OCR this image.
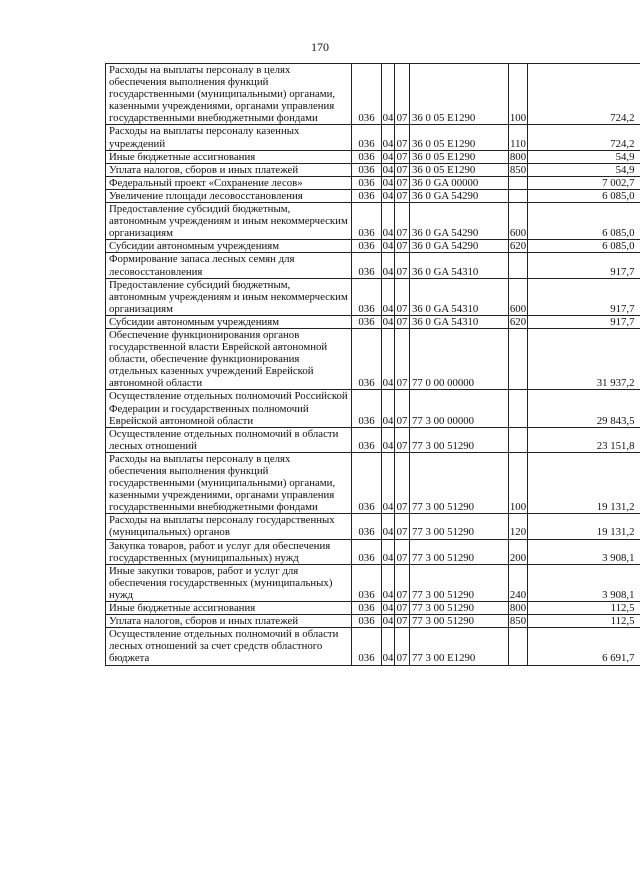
170
Расходы на выплаты персоналу в целях обеспечения выполнения функций государственными (муниципальными) органами, казенными учреждениями, органами управления государственными внебюджетными фондами	036	04	07	36 0 05 E1290	100	724,2
Расходы на выплаты персоналу казенных учреждений	036	04	07	36 0 05 E1290	110	724,2
Иные бюджетные ассигнования	036	04	07	36 0 05 E1290	800	54,9
Уплата налогов, сборов и иных платежей	036	04	07	36 0 05 E1290	850	54,9
Федеральный проект «Сохранение лесов»	036	04	07	36 0 GA 00000		7 002,7
Увеличение площади лесовосстановления	036	04	07	36 0 GA 54290		6 085,0
Предоставление субсидий бюджетным, автономным учреждениям и иным некоммерческим организациям	036	04	07	36 0 GA 54290	600	6 085,0
Субсидии автономным учреждениям	036	04	07	36 0 GA 54290	620	6 085,0
Формирование запаса лесных семян для лесовосстановления	036	04	07	36 0 GA 54310		917,7
Предоставление субсидий бюджетным, автономным учреждениям и иным некоммерческим организациям	036	04	07	36 0 GA 54310	600	917,7
Субсидии автономным учреждениям	036	04	07	36 0 GA 54310	620	917,7
Обеспечение функционирования органов государственной власти Еврейской автономной области, обеспечение функционирования отдельных казенных учреждений Еврейской автономной области	036	04	07	77 0 00 00000		31 937,2
Осуществление отдельных полномочий Российской Федерации и государственных полномочий Еврейской автономной области	036	04	07	77 3 00 00000		29 843,5
Осуществление отдельных полномочий в области лесных отношений	036	04	07	77 3 00 51290		23 151,8
Расходы на выплаты персоналу в целях обеспечения выполнения функций государственными (муниципальными) органами, казенными учреждениями, органами управления государственными внебюджетными фондами	036	04	07	77 3 00 51290	100	19 131,2
Расходы на выплаты персоналу государственных (муниципальных) органов	036	04	07	77 3 00 51290	120	19 131,2
Закупка товаров, работ и услуг для обеспечения государственных (муниципальных) нужд	036	04	07	77 3 00 51290	200	3 908,1
Иные закупки товаров, работ и услуг для обеспечения государственных (муниципальных) нужд	036	04	07	77 3 00 51290	240	3 908,1
Иные бюджетные ассигнования	036	04	07	77 3 00 51290	800	112,5
Уплата налогов, сборов и иных платежей	036	04	07	77 3 00 51290	850	112,5
Осуществление отдельных полномочий в области лесных отношений за счет средств областного бюджета	036	04	07	77 3 00 E1290		6 691,7
